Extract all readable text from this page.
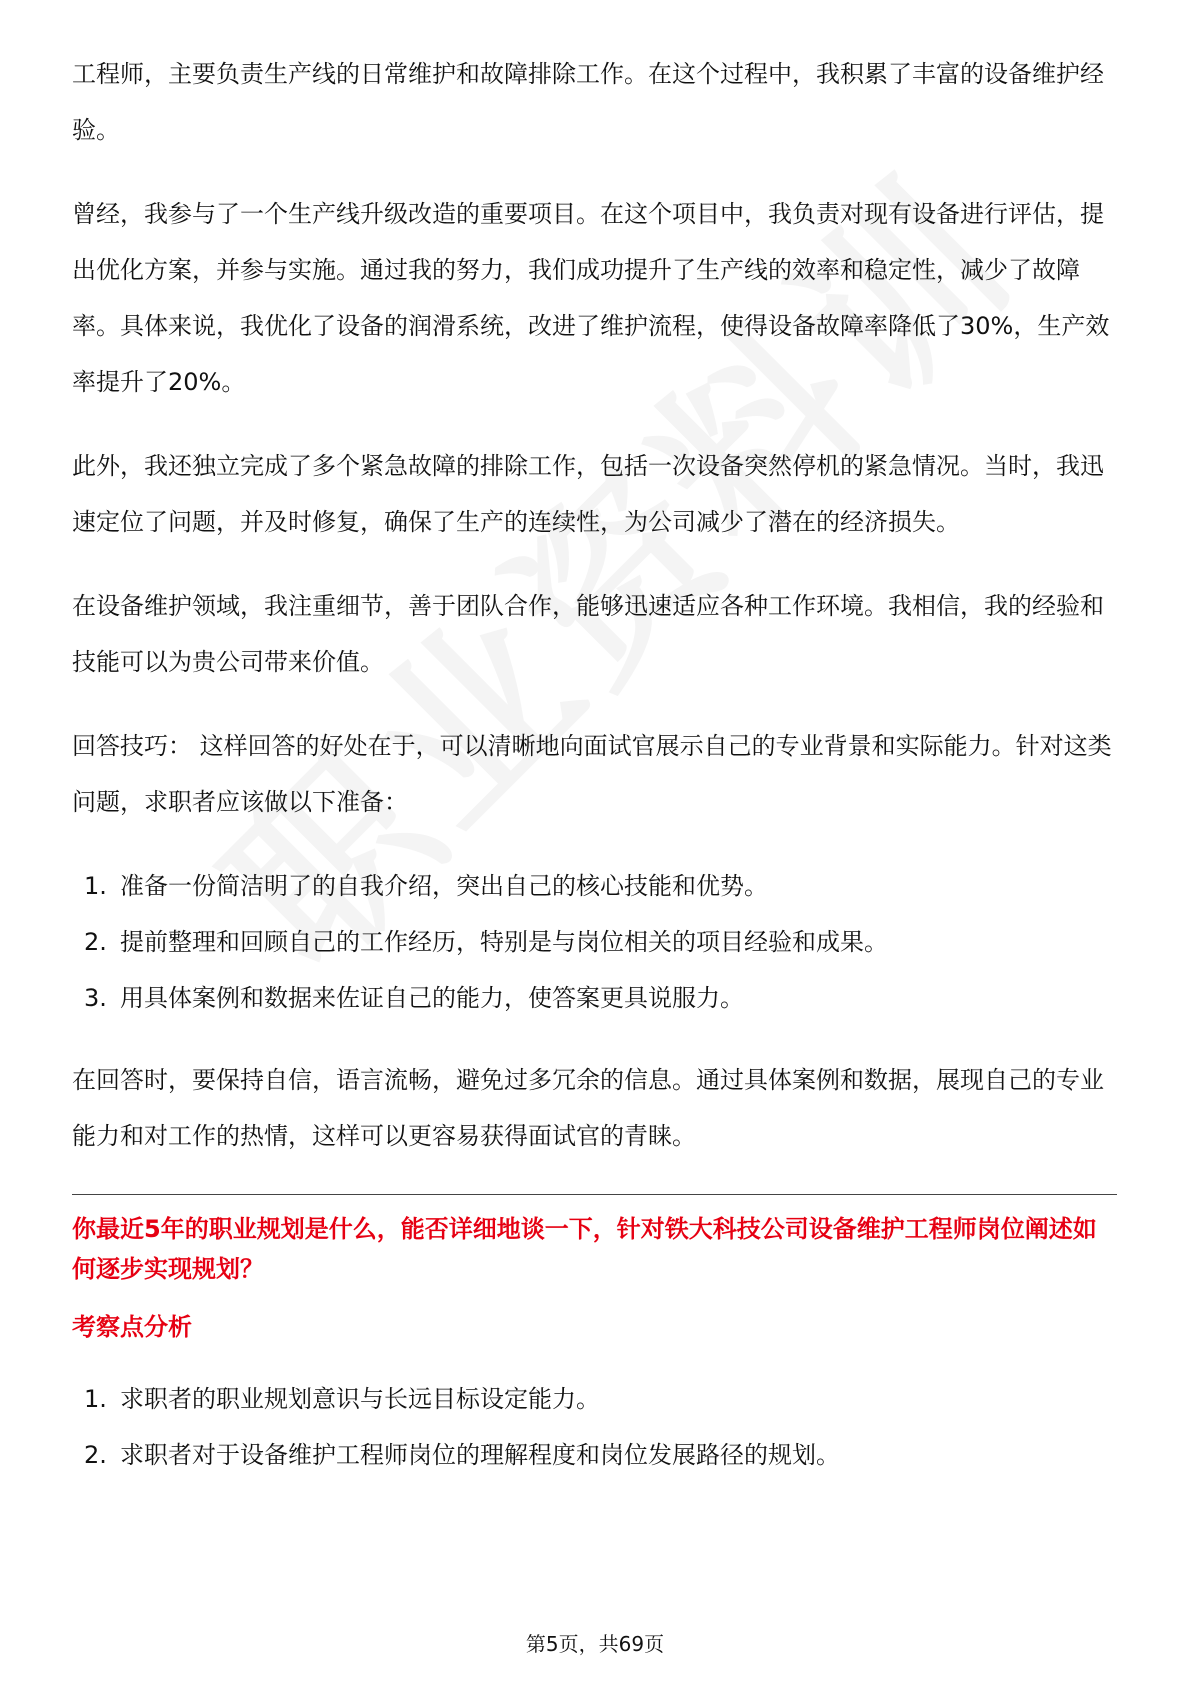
工程师，主要负责生产线的日常维护和故障排除工作。在这个过程中，我积累了丰富的设备维护经验。

曾经，我参与了一个生产线升级改造的重要项目。在这个项目中，我负责对现有设备进行评估，提出优化方案，并参与实施。通过我的努力，我们成功提升了生产线的效率和稳定性，减少了故障率。具体来说，我优化了设备的润滑系统，改进了维护流程，使得设备故障率降低了30%，生产效率提升了20%。

此外，我还独立完成了多个紧急故障的排除工作，包括一次设备突然停机的紧急情况。当时，我迅速定位了问题，并及时修复，确保了生产的连续性，为公司减少了潜在的经济损失。

在设备维护领域，我注重细节，善于团队合作，能够迅速适应各种工作环境。我相信，我的经验和技能可以为贵公司带来价值。

回答技巧： 这样回答的好处在于，可以清晰地向面试官展示自己的专业背景和实际能力。针对这类问题，求职者应该做以下准备：

1. 准备一份简洁明了的自我介绍，突出自己的核心技能和优势。
2. 提前整理和回顾自己的工作经历，特别是与岗位相关的项目经验和成果。
3. 用具体案例和数据来佐证自己的能力，使答案更具说服力。

在回答时，要保持自信，语言流畅，避免过多冗余的信息。通过具体案例和数据，展现自己的专业能力和对工作的热情，这样可以更容易获得面试官的青睐。

你最近5年的职业规划是什么，能否详细地谈一下，针对铁大科技公司设备维护工程师岗位阐述如何逐步实现规划？
考察点分析
1. 求职者的职业规划意识与长远目标设定能力。
2. 求职者对于设备维护工程师岗位的理解程度和岗位发展路径的规划。
第5页，共69页
